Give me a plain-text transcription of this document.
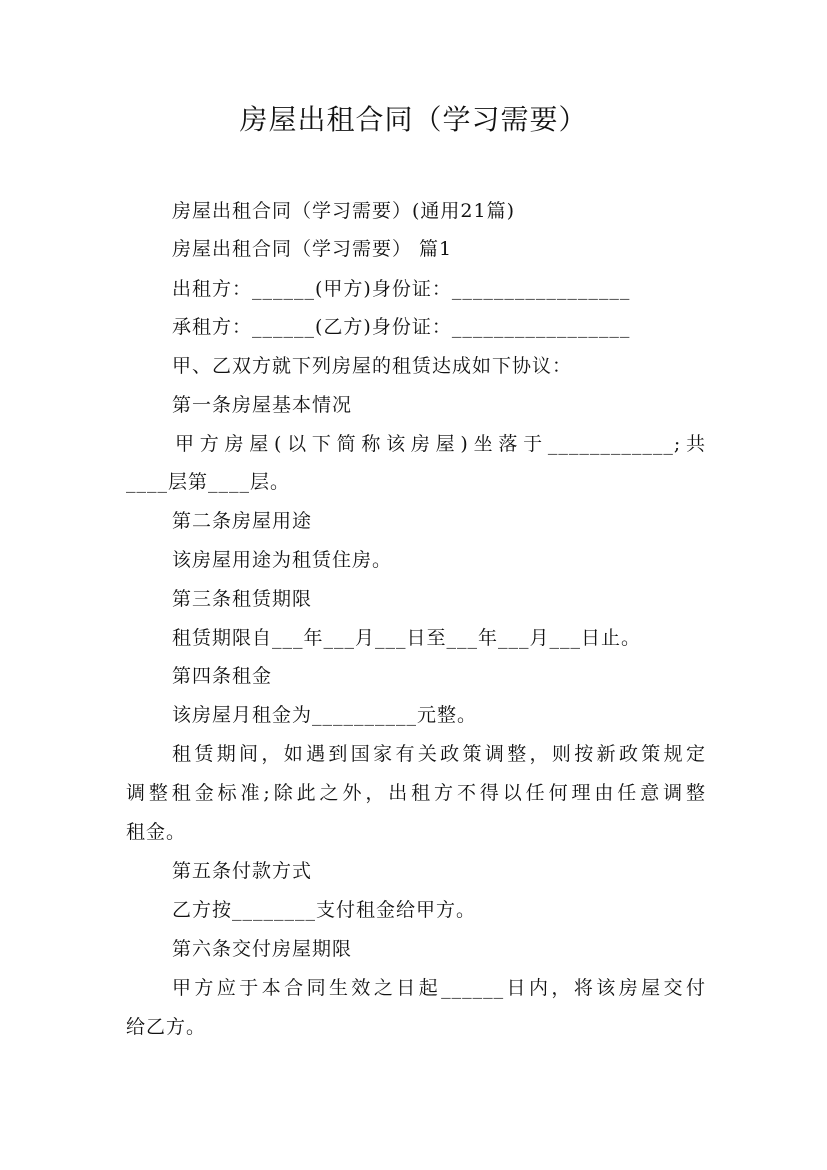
房屋出租合同（学习需要）
房屋出租合同（学习需要）(通用21篇)
房屋出租合同（学习需要） 篇1
出租方：______(甲方)身份证：_________________
承租方：______(乙方)身份证：_________________
甲、乙双方就下列房屋的租赁达成如下协议：
第一条房屋基本情况
甲方房屋(以下简称该房屋)坐落于____________;共
____层第____层。
第二条房屋用途
该房屋用途为租赁住房。
第三条租赁期限
租赁期限自___年___月___日至___年___月___日止。
第四条租金
该房屋月租金为__________元整。
租赁期间，如遇到国家有关政策调整，则按新政策规定
调整租金标准;除此之外，出租方不得以任何理由任意调整
租金。
第五条付款方式
乙方按________支付租金给甲方。
第六条交付房屋期限
甲方应于本合同生效之日起______日内，将该房屋交付
给乙方。
